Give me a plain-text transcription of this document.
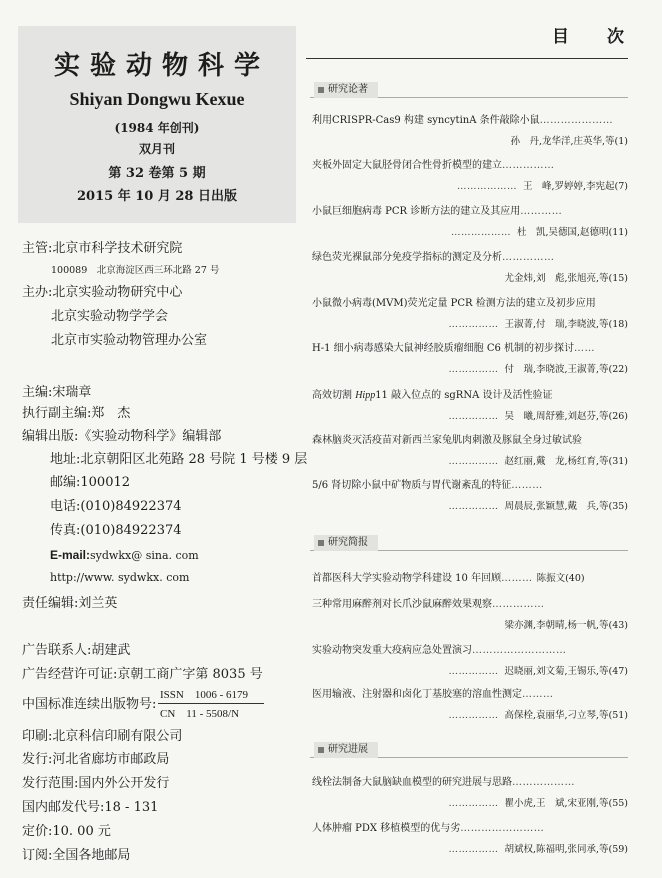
实验动物科学
Shiyan Dongwu Kexue
(1984 年创刊)
双月刊
第 32 卷第 5 期
2015 年 10 月 28 日出版
主管:北京市科学技术研究院
100089　北京海淀区西三环北路 27 号
主办:北京实验动物研究中心
北京实验动物学学会
北京市实验动物管理办公室
主编:宋瑞章
执行副主编:郑　杰
编辑出版:《实验动物科学》编辑部
地址:北京朝阳区北苑路 28 号院 1 号楼 9 层
邮编:100012
电话:(010)84922374
传真:(010)84922374
E-mail:sydwkx@ sina. com
http://www. sydwkx. com
责任编辑:刘兰英
广告联系人:胡建武
广告经营许可证:京朝工商广字第 8035 号
中国标准连续出版物号:
ISSN　1006 - 6179
CN　11 - 5508/N
印刷:北京科信印刷有限公司
发行:河北省廊坊市邮政局
发行范围:国内外公开发行
国内邮发代号:18 - 131
定价:10. 00 元
订阅:全国各地邮局
目次
研究论著
利用CRISPR-Cas9 构建 syncytinA 条件敲除小鼠…………………
孙　丹,龙华洋,庄英华,等(1)
夹板外固定大鼠胫骨闭合性骨折模型的建立……………
……………… 王　峰,罗婷婷,李宪起(7)
小鼠巨细胞病毒 PCR 诊断方法的建立及其应用…………
……………… 杜　凯,吴德国,赵德明(11)
绿色荧光裸鼠部分免疫学指标的测定及分析……………
尤金炜,刘　彪,张旭亮,等(15)
小鼠微小病毒(MVM)荧光定量 PCR 检测方法的建立及初步应用
…………… 王淑菁,付　瑞,李晓波,等(18)
H-1 细小病毒感染大鼠神经胶质瘤细胞 C6 机制的初步探讨……
…………… 付　瑞,李晓波,王淑菁,等(22)
高效切割 Hipp11 敲入位点的 sgRNA 设计及活性验证
…………… 吴　曦,周舒雅,刘赵芬,等(26)
森林脑炎灭活疫苗对新西兰家兔肌肉刺激及豚鼠全身过敏试验
…………… 赵红丽,戴　龙,杨红育,等(31)
5/6 肾切除小鼠中矿物质与胃代谢紊乱的特征………
…………… 周晨辰,张颖慧,戴　兵,等(35)
研究简报
首都医科大学实验动物学科建设 10 年回顾……… 陈振文(40)
三种常用麻醉剂对长爪沙鼠麻醉效果观察……………
梁亦渊,李朝晴,杨一帆,等(43)
实验动物突发重大疫病应急处置演习………………………
…………… 迟晓丽,刘文菊,王锡乐,等(47)
医用输液、注射器和卤化丁基胶塞的溶血性测定………
…………… 高保栓,袁丽华,刁立琴,等(51)
研究进展
线栓法制备大鼠脑缺血模型的研究进展与思路………………
…………… 瞿小虎,王　斌,宋亚刚,等(55)
人体肿瘤 PDX 移植模型的优与劣……………………
…………… 胡斌权,陈福明,张同承,等(59)
